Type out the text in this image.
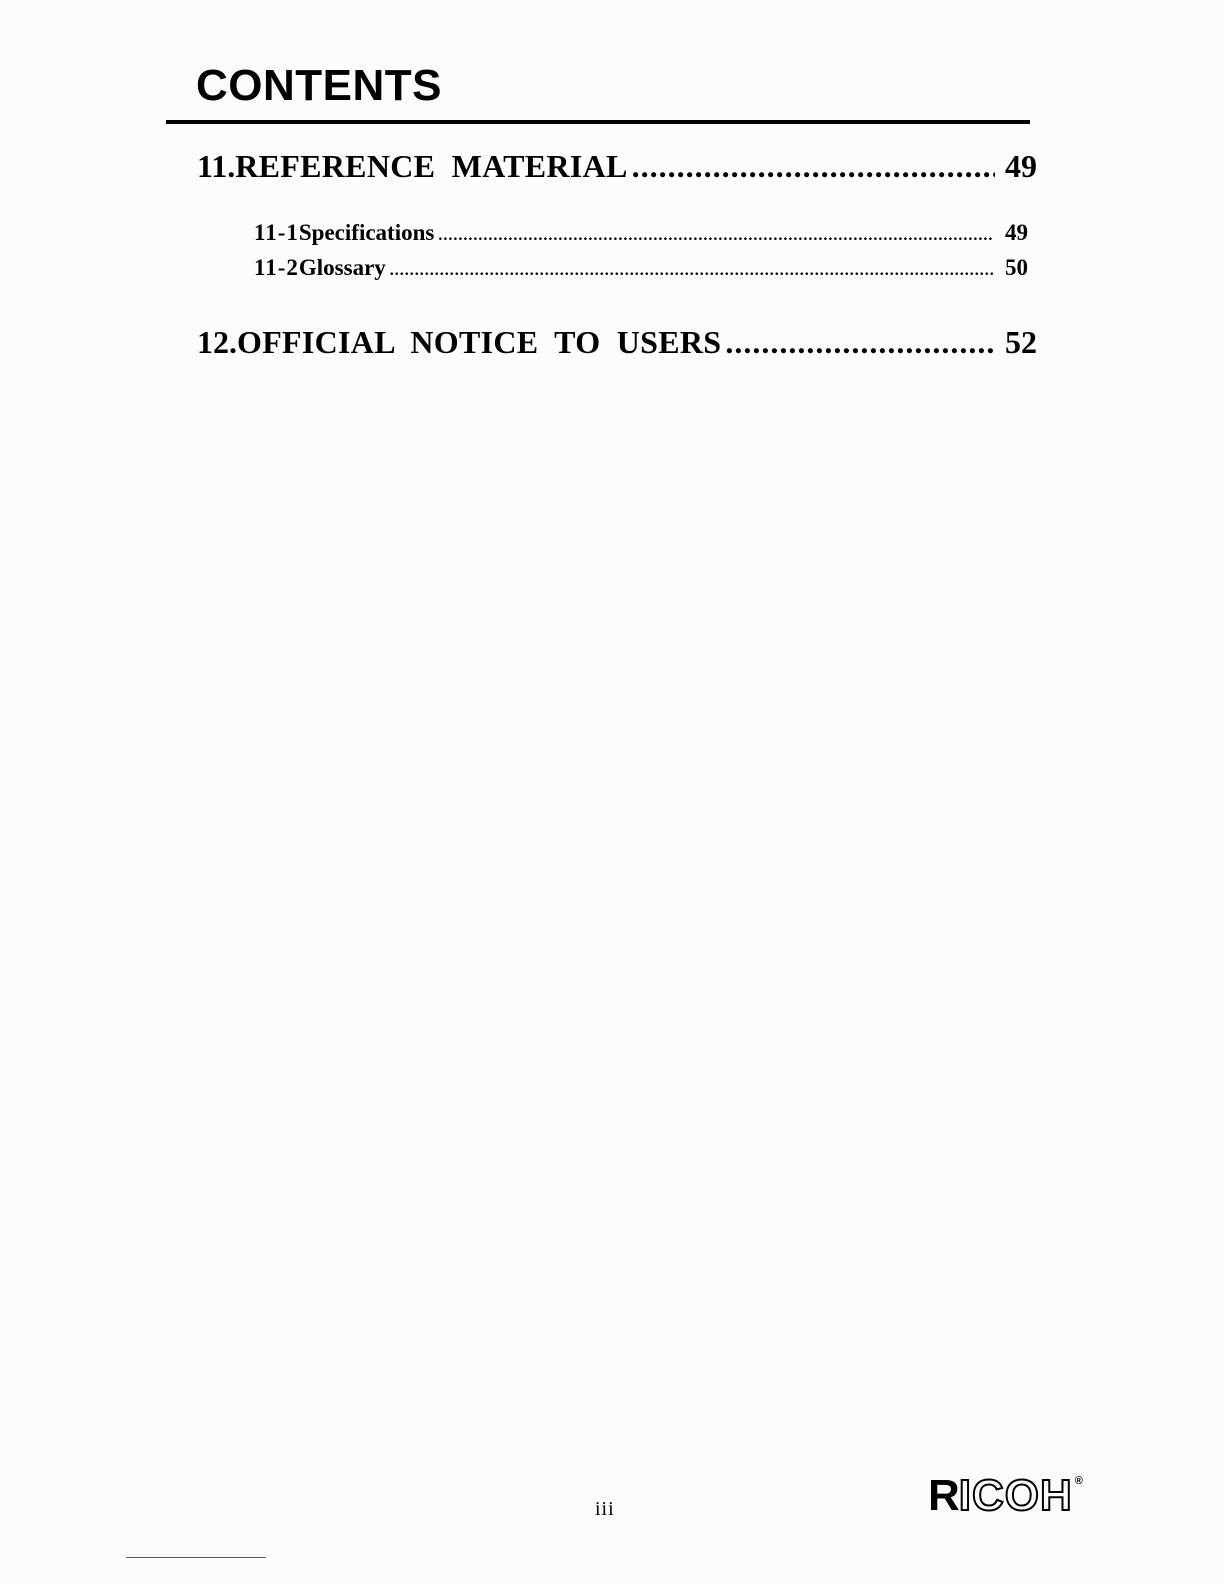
CONTENTS
11. REFERENCE MATERIAL .....	49
11-1 Specifications .....	49
11-2 Glossary .....	50
12. OFFICIAL NOTICE TO USERS .....	52
iii	R ICOH ®
